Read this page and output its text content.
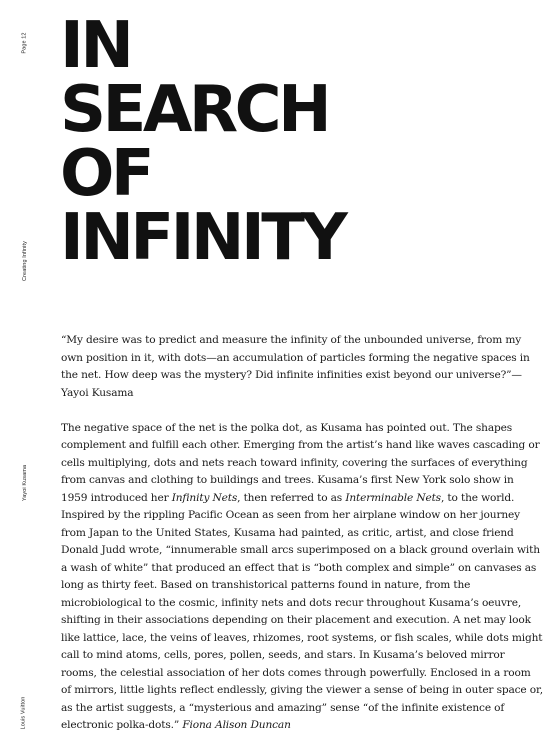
Page 12
Creating Infinity
Yayoi Kusama
Louis Vuitton
IN
SEARCH
OF
INFINITY

“My desire was to predict and measure the infinity of the unbounded universe, from my own position in it, with dots—an accumulation of particles forming the negative spaces in the net. How deep was the mystery? Did infinite infinities exist beyond our universe?”—Yayoi Kusama

The negative space of the net is the polka dot, as Kusama has pointed out. The shapes complement and fulfill each other. Emerging from the artist’s hand like waves cascading or cells multiplying, dots and nets reach toward infinity, covering the surfaces of everything from canvas and clothing to buildings and trees. Kusama’s first New York solo show in 1959 introduced her Infinity Nets, then referred to as Interminable Nets, to the world. Inspired by the rippling Pacific Ocean as seen from her airplane window on her journey from Japan to the United States, Kusama had painted, as critic, artist, and close friend Donald Judd wrote, “innumerable small arcs superimposed on a black ground overlain with a wash of white” that produced an effect that is “both complex and simple” on canvases as long as thirty feet. Based on transhistorical patterns found in nature, from the microbiological to the cosmic, infinity nets and dots recur throughout Kusama’s oeuvre, shifting in their associations depending on their placement and execution. A net may look like lattice, lace, the veins of leaves, rhizomes, root systems, or fish scales, while dots might call to mind atoms, cells, pores, pollen, seeds, and stars. In Kusama’s beloved mirror rooms, the celestial association of her dots comes through powerfully. Enclosed in a room of mirrors, little lights reflect endlessly, giving the viewer a sense of being in outer space or, as the artist suggests, a “mysterious and amazing” sense “of the infinite existence of electronic polka-dots.” Fiona Alison Duncan
